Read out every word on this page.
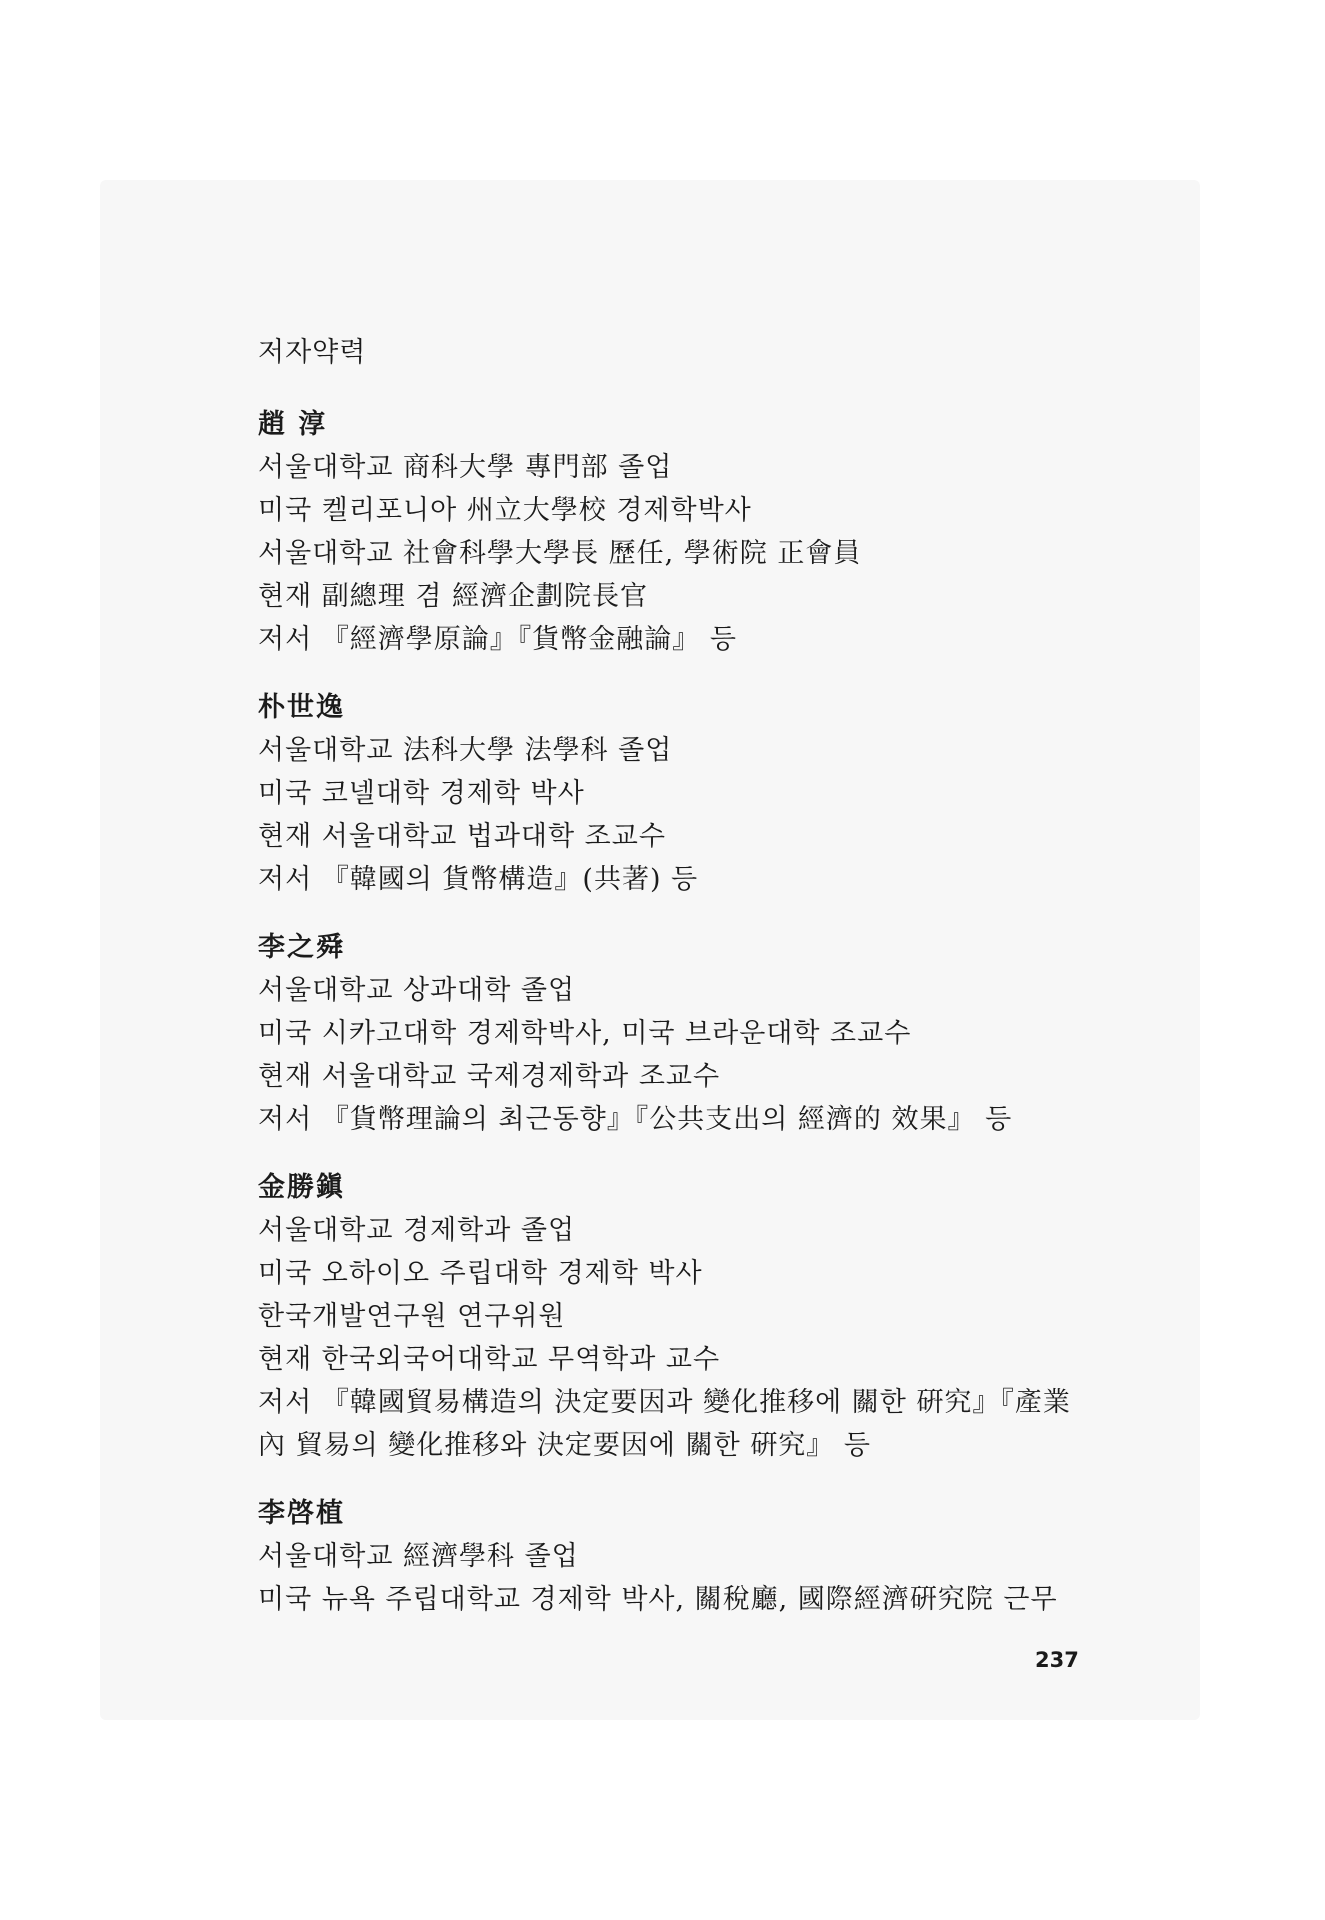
저자약력
趙 淳
서울대학교 商科大學 專門部 졸업
미국 켈리포니아 州立大學校 경제학박사
서울대학교 社會科學大學長 歷任, 學術院 正會員
현재 副總理 겸 經濟企劃院長官
저서 『經濟學原論』『貨幣金融論』 등
朴世逸
서울대학교 法科大學 法學科 졸업
미국 코넬대학 경제학 박사
현재 서울대학교 법과대학 조교수
저서 『韓國의 貨幣構造』(共著) 등
李之舜
서울대학교 상과대학 졸업
미국 시카고대학 경제학박사, 미국 브라운대학 조교수
현재 서울대학교 국제경제학과 조교수
저서 『貨幣理論의 최근동향』『公共支出의 經濟的 效果』 등
金勝鎭
서울대학교 경제학과 졸업
미국 오하이오 주립대학 경제학 박사
한국개발연구원 연구위원
현재 한국외국어대학교 무역학과 교수
저서 『韓國貿易構造의 決定要因과 變化推移에 關한 硏究』『產業
內 貿易의 變化推移와 決定要因에 關한 硏究』 등
李啓植
서울대학교 經濟學科 졸업
미국 뉴욕 주립대학교 경제학 박사, 關稅廳, 國際經濟硏究院 근무
237
